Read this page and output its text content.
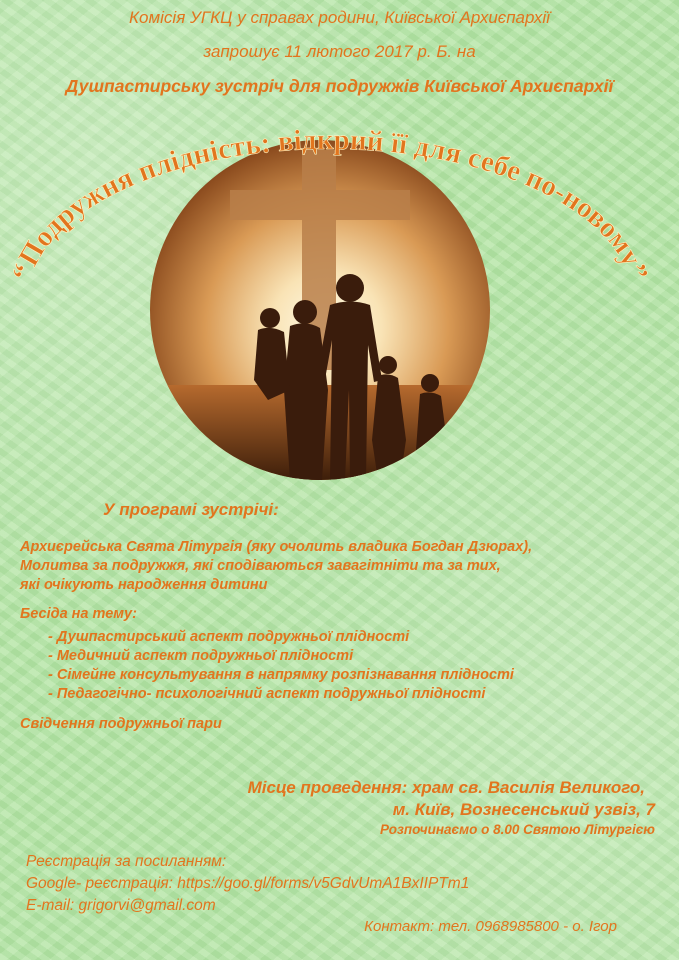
Комісія УГКЦ у справах родини, Київської Архиєпархії
запрошує 11 лютого 2017 р. Б. на
Душпастирську зустріч для подружжів Київської Архиєпархії
“Подружня плідність: відкрий її для себе по-новому”
У програмі зустрічі:
Архиєрейська Свята Літургія (яку очолить владика Богдан Дзюрах),
Молитва за подружжя, які сподіваються завагітніти та за тих,
які очікують народження дитини
Бесіда на тему:
- Душпастирський аспект подружньої плідності
- Медичний аспект подружньої плідності
- Сімейне консультування в напрямку розпізнавання плідності
- Педагогічно- психологічний аспект подружньої плідності
Свідчення подружньої пари
Місце проведення: храм св. Василія Великого,
м. Київ, Вознесенський узвіз, 7
Розпочинаємо о 8.00 Святою Літургією
Реєстрація за посиланням:
Google- реєстрація: https://goo.gl/forms/v5GdvUmA1BxIIPTm1
E-mail: grigorvi@gmail.com
Контакт: тел. 0968985800 - о. Ігор
